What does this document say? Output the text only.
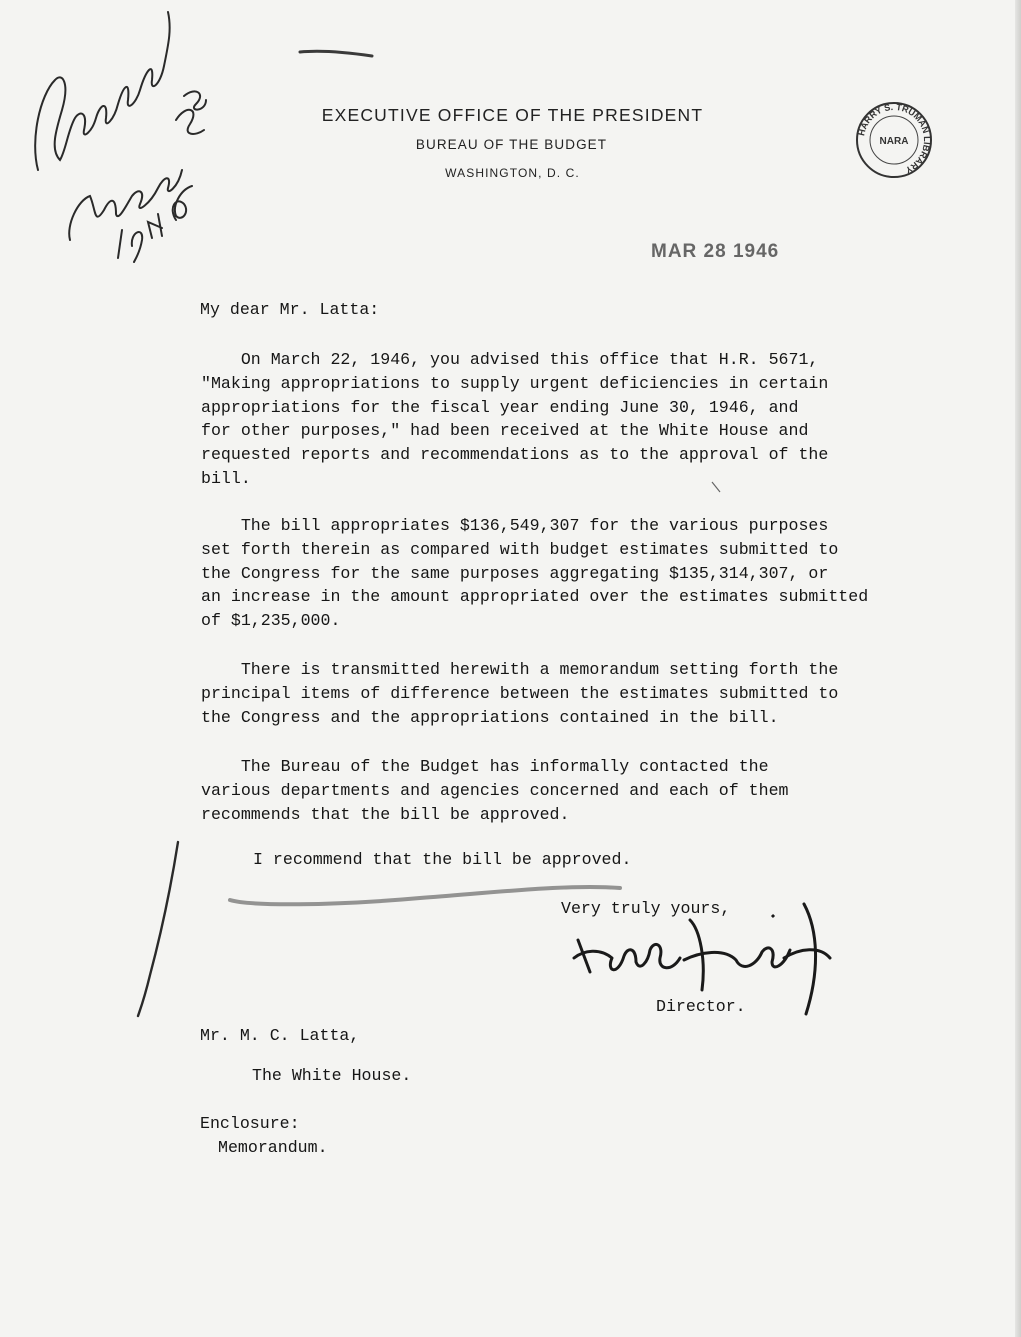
HARRY S. TRUMAN LIBRARY
NARA
EXECUTIVE OFFICE OF THE PRESIDENT
BUREAU OF THE BUDGET
WASHINGTON, D. C.
MAR 28 1946
My dear Mr. Latta:
On March 22, 1946, you advised this office that H.R. 5671,
"Making appropriations to supply urgent deficiencies in certain
appropriations for the fiscal year ending June 30, 1946, and
for other purposes," had been received at the White House and
requested reports and recommendations as to the approval of the
bill.
The bill appropriates $136,549,307 for the various purposes
set forth therein as compared with budget estimates submitted to
the Congress for the same purposes aggregating $135,314,307, or
an increase in the amount appropriated over the estimates submitted
of $1,235,000.
There is transmitted herewith a memorandum setting forth the
principal items of difference between the estimates submitted to
the Congress and the appropriations contained in the bill.
The Bureau of the Budget has informally contacted the
various departments and agencies concerned and each of them
recommends that the bill be approved.
I recommend that the bill be approved.
Very truly yours,
Director.
Mr. M. C. Latta,
The White House.
Enclosure:
Memorandum.
